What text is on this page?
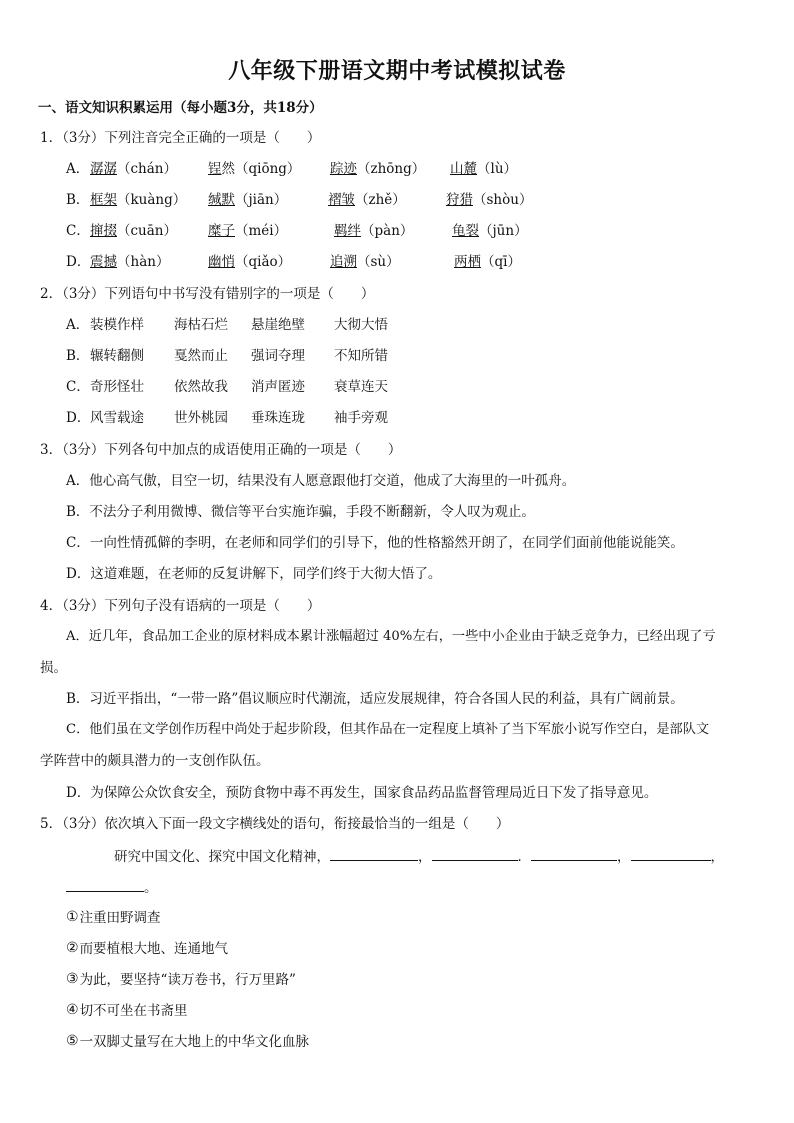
八年级下册语文期中考试模拟试卷
一、语文知识积累运用（每小题3分，共18分）
1．（3分）下列注音完全正确的一项是（　　）
A． 潺潺（chán） 锃然（qiōng） 踪迹（zhōng） 山麓（lù）
B． 框架（kuàng） 缄默（jiān）	褶皱（zhě）	狩猎（shòu）
C． 撺掇（cuān） 糜子（méi）	羁绊（pàn）	龟裂（jūn）
D． 震撼（hàn）	幽悄（qiǎo）	追溯（sù）	两栖（qī）
2．（3分）下列语句中书写没有错别字的一项是（　　）
A． 装模作样 海枯石烂 悬崖绝壁 大彻大悟
B． 辗转翻侧 戛然而止 强词夺理 不知所错
C． 奇形怪壮 依然故我 消声匿迹 衰草连天
D． 风雪载途 世外桃园 垂珠连珑 袖手旁观
3．（3分）下列各句中加点的成语使用正确的一项是（　　）
A．他心高气傲，目空一切，结果没有人愿意跟他打交道，他成了大海里的一叶孤舟。
B．不法分子利用微博、微信等平台实施诈骗，手段不断翻新，令人叹为观止。
C．一向性情孤僻的李明，在老师和同学们的引导下，他的性格豁然开朗了，在同学们面前他能说能笑。
D．这道难题，在老师的反复讲解下，同学们终于大彻大悟了。
4．（3分）下列句子没有语病的一项是（　　）
A．近几年，食品加工企业的原材料成本累计涨幅超过 40%左右，一些中小企业由于缺乏竞争力，已经出现了亏
损。
B．习近平指出，“一带一路”倡议顺应时代潮流，适应发展规律，符合各国人民的利益，具有广阔前景。
C．他们虽在文学创作历程中尚处于起步阶段，但其作品在一定程度上填补了当下军旅小说写作空白，是部队文
学阵营中的颇具潜力的一支创作队伍。
D．为保障公众饮食安全，预防食物中毒不再发生，国家食品药品监督管理局近日下发了指导意见。
5．（3分）依次填入下面一段文字横线处的语句，衔接最恰当的一组是（　　）
研究中国文化、探究中国文化精神，	，	．	，	，
。
①注重田野调查
②而要植根大地、连通地气
③为此，要坚持“读万卷书，行万里路”
④切不可坐在书斋里
⑤一双脚丈量写在大地上的中华文化血脉
